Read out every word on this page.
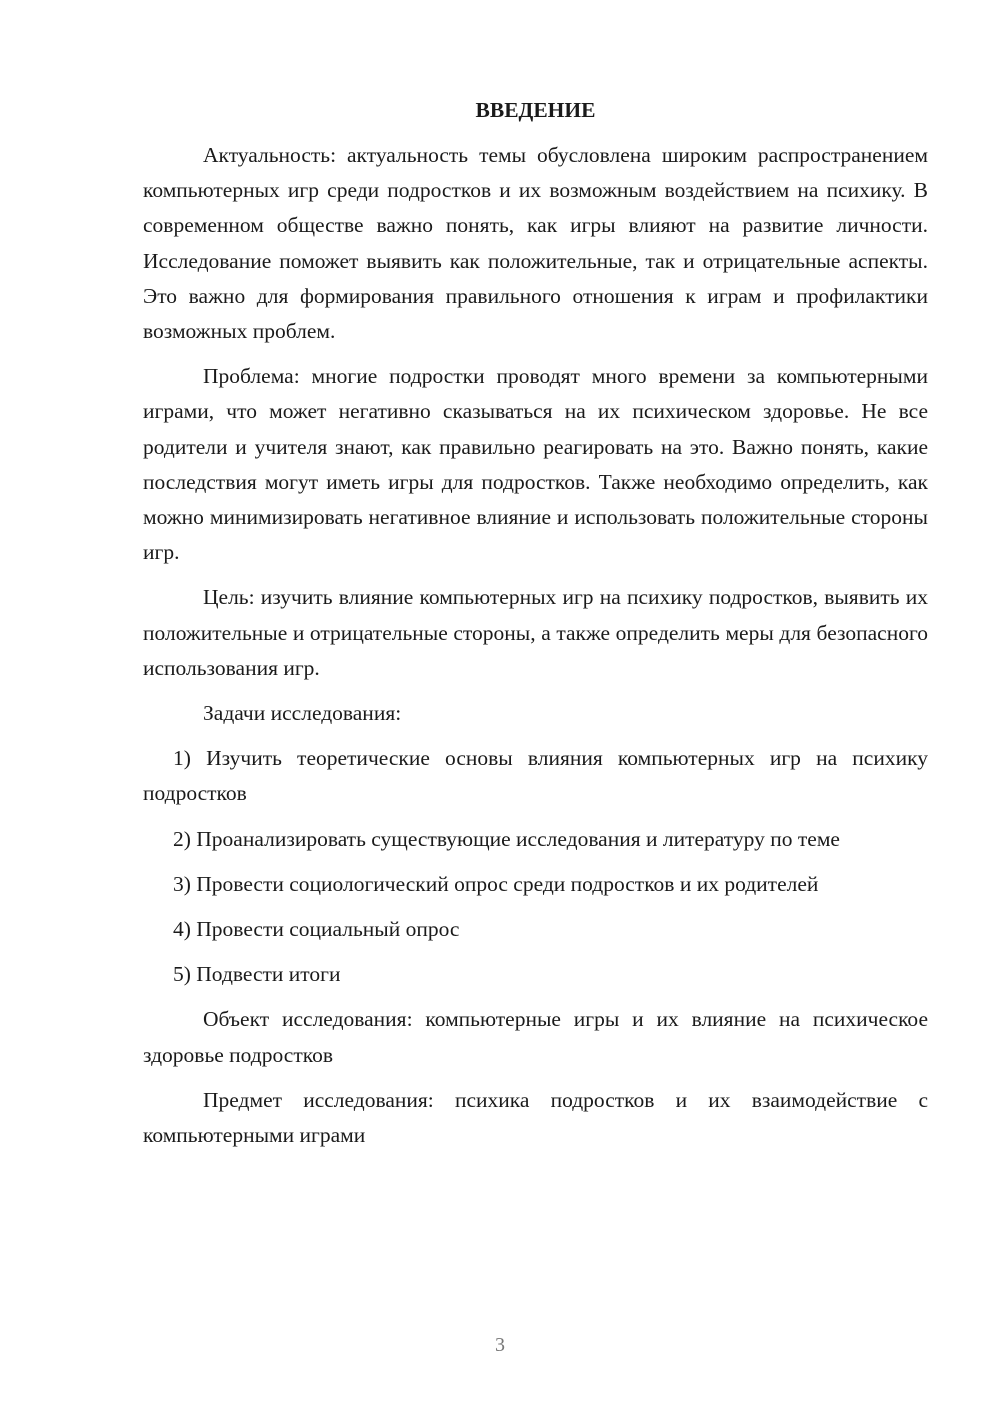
ВВЕДЕНИЕ

Актуальность: актуальность темы обусловлена широким распространением компьютерных игр среди подростков и их возможным воздействием на психику. В современном обществе важно понять, как игры влияют на развитие личности. Исследование поможет выявить как положительные, так и отрицательные аспекты. Это важно для формирования правильного отношения к играм и профилактики возможных проблем.

Проблема: многие подростки проводят много времени за компьютерными играми, что может негативно сказываться на их психическом здоровье. Не все родители и учителя знают, как правильно реагировать на это. Важно понять, какие последствия могут иметь игры для подростков. Также необходимо определить, как можно минимизировать негативное влияние и использовать положительные стороны игр.

Цель: изучить влияние компьютерных игр на психику подростков, выявить их положительные и отрицательные стороны, а также определить меры для безопасного использования игр.

Задачи исследования:

1) Изучить теоретические основы влияния компьютерных игр на психику подростков

2) Проанализировать существующие исследования и литературу по теме

3) Провести социологический опрос среди подростков и их родителей

4) Провести социальный опрос

5) Подвести итоги

Объект исследования: компьютерные игры и их влияние на психическое здоровье подростков

Предмет исследования: психика подростков и их взаимодействие с компьютерными играми

3
